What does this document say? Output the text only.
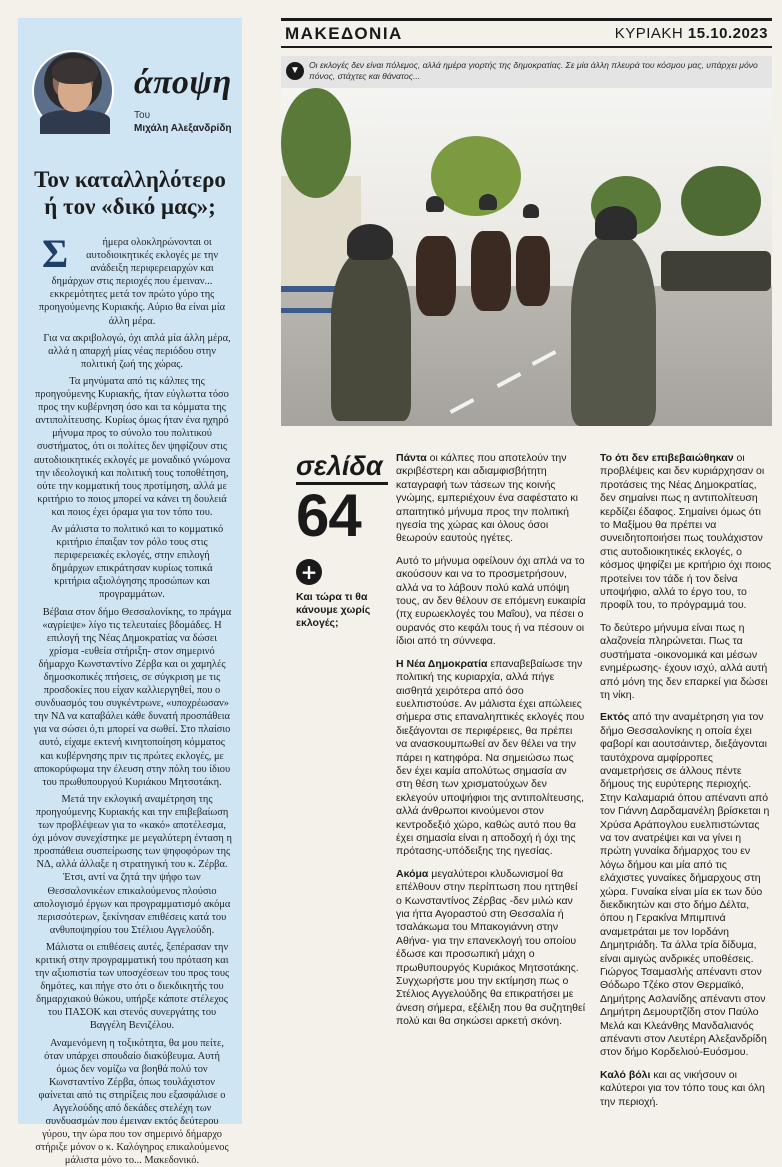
άποψη
Του
Μιχάλη Αλεξανδρίδη
Τον καταλληλότερο ή τον «δικό μας»;

Σ	ήμερα ολοκληρώνονται οι αυτοδιοικητικές εκλογές με την ανάδειξη περιφερειαρχών και δημάρχων στις περιοχές που έμειναν... εκκρεμότητες μετά τον πρώτο γύρο της προηγούμενης Κυριακής. Αύριο θα είναι μία άλλη μέρα.

Για να ακριβολογώ, όχι απλά μία άλλη μέρα, αλλά η απαρχή μίας νέας περιόδου στην πολιτική ζωή της χώρας.

Τα μηνύματα από τις κάλπες της προηγούμενης Κυριακής, ήταν εύγλωττα τόσο προς την κυβέρνηση όσο και τα κόμματα της αντιπολίτευσης. Κυρίως όμως ήταν ένα ηχηρό μήνυμα προς το σύνολο του πολιτικού συστήματος, ότι οι πολίτες δεν ψηφίζουν στις αυτοδιοικητικές εκλογές με μοναδικό γνώμονα την ιδεολογική και πολιτική τους τοποθέτηση, ούτε την κομματική τους προτίμηση, αλλά με κριτήριο το ποιος μπορεί να κάνει τη δουλειά και ποιος έχει όραμα για τον τόπο του.

Αν μάλιστα το πολιτικό και το κομματικό κριτήριο έπαιξαν τον ρόλο τους στις περιφερειακές εκλογές, στην επιλογή δημάρχων επικράτησαν κυρίως τοπικά κριτήρια αξιολόγησης προσώπων και προγραμμάτων.

Βέβαια στον δήμο Θεσσαλονίκης, το πράγμα «αγρίεψε» λίγο τις τελευταίες βδομάδες. Η επιλογή της Νέας Δημοκρατίας να δώσει χρίσμα -ευθεία στήριξη- στον σημερινό δήμαρχο Κωνσταντίνο Ζέρβα και οι χαμηλές δημοσκοπικές πτήσεις, σε σύγκριση με τις προσδοκίες που είχαν καλλιεργηθεί, που ο συνδυασμός του συγκέντρωνε, «υποχρέωσαν» την ΝΔ να καταβάλει κάθε δυνατή προσπάθεια για να σώσει ό,τι μπορεί να σωθεί. Στο πλαίσιο αυτό, είχαμε εκτενή κινητοποίηση κόμματος και κυβέρνησης πριν τις πρώτες εκλογές, με αποκορύφωμα την έλευση στην πόλη του ίδιου του πρωθυπουργού Κυριάκου Μητσοτάκη.

Μετά την εκλογική αναμέτρηση της προηγούμενης Κυριακής και την επιβεβαίωση των προβλέψεων για το «κακό» αποτέλεσμα, όχι μόνον συνεχίστηκε με μεγαλύτερη ένταση η προσπάθεια συσπείρωσης των ψηφοφόρων της ΝΔ, αλλά άλλαξε η στρατηγική του κ. Ζέρβα. Έτσι, αντί να ζητά την ψήφο των Θεσσαλονικέων επικαλούμενος πλούσιο απολογισμό έργων και προγραμματισμό ακόμα περισσότερων, ξεκίνησαν επιθέσεις κατά του ανθυποψηφίου του Στέλιου Αγγελούδη.

Μάλιστα οι επιθέσεις αυτές, ξεπέρασαν την κριτική στην προγραμματική του πρόταση και την αξιοπιστία των υποσχέσεων του προς τους δημότες, και πήγε στο ότι ο διεκδικητής του δημαρχιακού θώκου, υπήρξε κάποτε στέλεχος του ΠΑΣΟΚ και στενός συνεργάτης του Βαγγέλη Βενιζέλου.

Αναμενόμενη η τοξικότητα, θα μου πείτε, όταν υπάρχει σπουδαίο διακύβευμα. Αυτή όμως δεν νομίζω να βοηθά πολύ τον Κωνσταντίνο Ζέρβα, όπως τουλάχιστον φαίνεται από τις στηρίξεις που εξασφάλισε ο Αγγελούδης από δεκάδες στελέχη των συνδυασμών που έμειναν εκτός δεύτερου γύρου, την ώρα που τον σημερινό δήμαρχο στήριξε μόνον ο κ. Καλόγηρος επικαλούμενος μάλιστα μόνο το... Μακεδονικό.

ΜΑΚΕΔΟΝΙΑ	ΚΥΡΙΑΚΗ 15.10.2023
▼	Οι εκλογές δεν είναι πόλεμος, αλλά ημέρα γιορτής της δημοκρατίας. Σε μία άλλη πλευρά του κόσμου μας, υπάρχει μόνο πόνος, στάχτες και θάνατος...
σελίδα
64
+
Και τώρα τι θα κάνουμε χωρίς εκλογές;

Πάντα οι κάλπες που αποτελούν την ακριβέστερη και αδιαμφισβήτητη καταγραφή των τάσεων της κοινής γνώμης, εμπεριέχουν ένα σαφέστατο κι απαιτητικό μήνυμα προς την πολιτική ηγεσία της χώρας και όλους όσοι θεωρούν εαυτούς ηγέτες.

Αυτό το μήνυμα οφείλουν όχι απλά να το ακούσουν και να το προσμετρήσουν, αλλά να το λάβουν πολύ καλά υπόψη τους, αν δεν θέλουν σε επόμενη ευκαιρία (πχ ευρωεκλογές του Μαΐου), να πέσει ο ουρανός στο κεφάλι τους ή να πέσουν οι ίδιοι από τη σύννεφα.

Η Νέα Δημοκρατία επαναβεβαίωσε την πολιτική της κυριαρχία, αλλά πήγε αισθητά χειρότερα από όσο ευελπιστούσε. Αν μάλιστα έχει απώλειες σήμερα στις επαναληπτικές εκλογές που διεξάγονται σε περιφέρειες, θα πρέπει να ανασκουμπωθεί αν δεν θέλει να την πάρει η κατηφόρα. Να σημειώσω πως δεν έχει καμία απολύτως σημασία αν στη θέση των χρισματούχων δεν εκλεγούν υποψήφιοι της αντιπολίτευσης, αλλά άνθρωποι κινούμενοι στον κεντροδεξιό χώρο, καθώς αυτό που θα έχει σημασία είναι η αποδοχή ή όχι της πρότασης-υπόδειξης της ηγεσίας.

Ακόμα μεγαλύτεροι κλυδωνισμοί θα επέλθουν στην περίπτωση που ηττηθεί ο Κωνσταντίνος Ζέρβας -δεν μιλώ καν για ήττα Αγοραστού στη Θεσσαλία ή τσαλάκωμα του Μπακογιάννη στην Αθήνα- για την επανεκλογή του οποίου έδωσε και προσωπική μάχη ο πρωθυπουργός Κυριάκος Μητσοτάκης. Συγχωρήστε μου την εκτίμηση πως ο Στέλιος Αγγελούδης θα επικρατήσει με άνεση σήμερα, εξέλιξη που θα συζητηθεί πολύ και θα σηκώσει αρκετή σκόνη.

Το ότι δεν επιβεβαιώθηκαν οι προβλέψεις και δεν κυριάρχησαν οι προτάσεις της Νέας Δημοκρατίας, δεν σημαίνει πως η αντιπολίτευση κερδίζει έδαφος. Σημαίνει όμως ότι το Μαξίμου θα πρέπει να συνειδητοποιήσει πως τουλάχιστον στις αυτοδιοικητικές εκλογές, ο κόσμος ψηφίζει με κριτήριο όχι ποιος προτείνει τον τάδε ή τον δείνα υποψήφιο, αλλά το έργο του, το προφίλ του, το πρόγραμμά του.

Το δεύτερο μήνυμα είναι πως η αλαζονεία πληρώνεται. Πως τα συστήματα -οικονομικά και μέσων ενημέρωσης- έχουν ισχύ, αλλά αυτή από μόνη της δεν επαρκεί για δώσει τη νίκη.

Εκτός από την αναμέτρηση για τον δήμο Θεσσαλονίκης η οποία έχει φαβορί και αουτσάιντερ, διεξάγονται ταυτόχρονα αμφίρροπες αναμετρήσεις σε άλλους πέντε δήμους της ευρύτερης περιοχής. Στην Καλαμαριά όπου απέναντι από τον Γιάννη Δαρδαμανέλη βρίσκεται η Χρύσα Αράπογλου ευελπιστώντας να τον ανατρέψει και να γίνει η πρώτη γυναίκα δήμαρχος του εν λόγω δήμου και μία από τις ελάχιστες γυναίκες δήμαρχους στη χώρα. Γυναίκα είναι μία εκ των δύο διεκδικητών και στο δήμο Δέλτα, όπου η Γερακίνα Μπιμπινά αναμετράται με τον Ιορδάνη Δημητριάδη. Τα άλλα τρία δίδυμα, είναι αμιγώς ανδρικές υποθέσεις. Γιώργος Τσαμασλής απέναντι στον Θόδωρο Τζέκο στον Θερμαϊκό, Δημήτρης Ασλανίδης απέναντι στον Δημήτρη Δεμουρτζίδη στον Παύλο Μελά και Κλεάνθης Μανδαλιανός απέναντι στον Λευτέρη Αλεξανδρίδη στον δήμο Κορδελιού-Ευόσμου.

Καλό βόλι και ας νικήσουν οι καλύτεροι για τον τόπο τους και όλη την περιοχή.
